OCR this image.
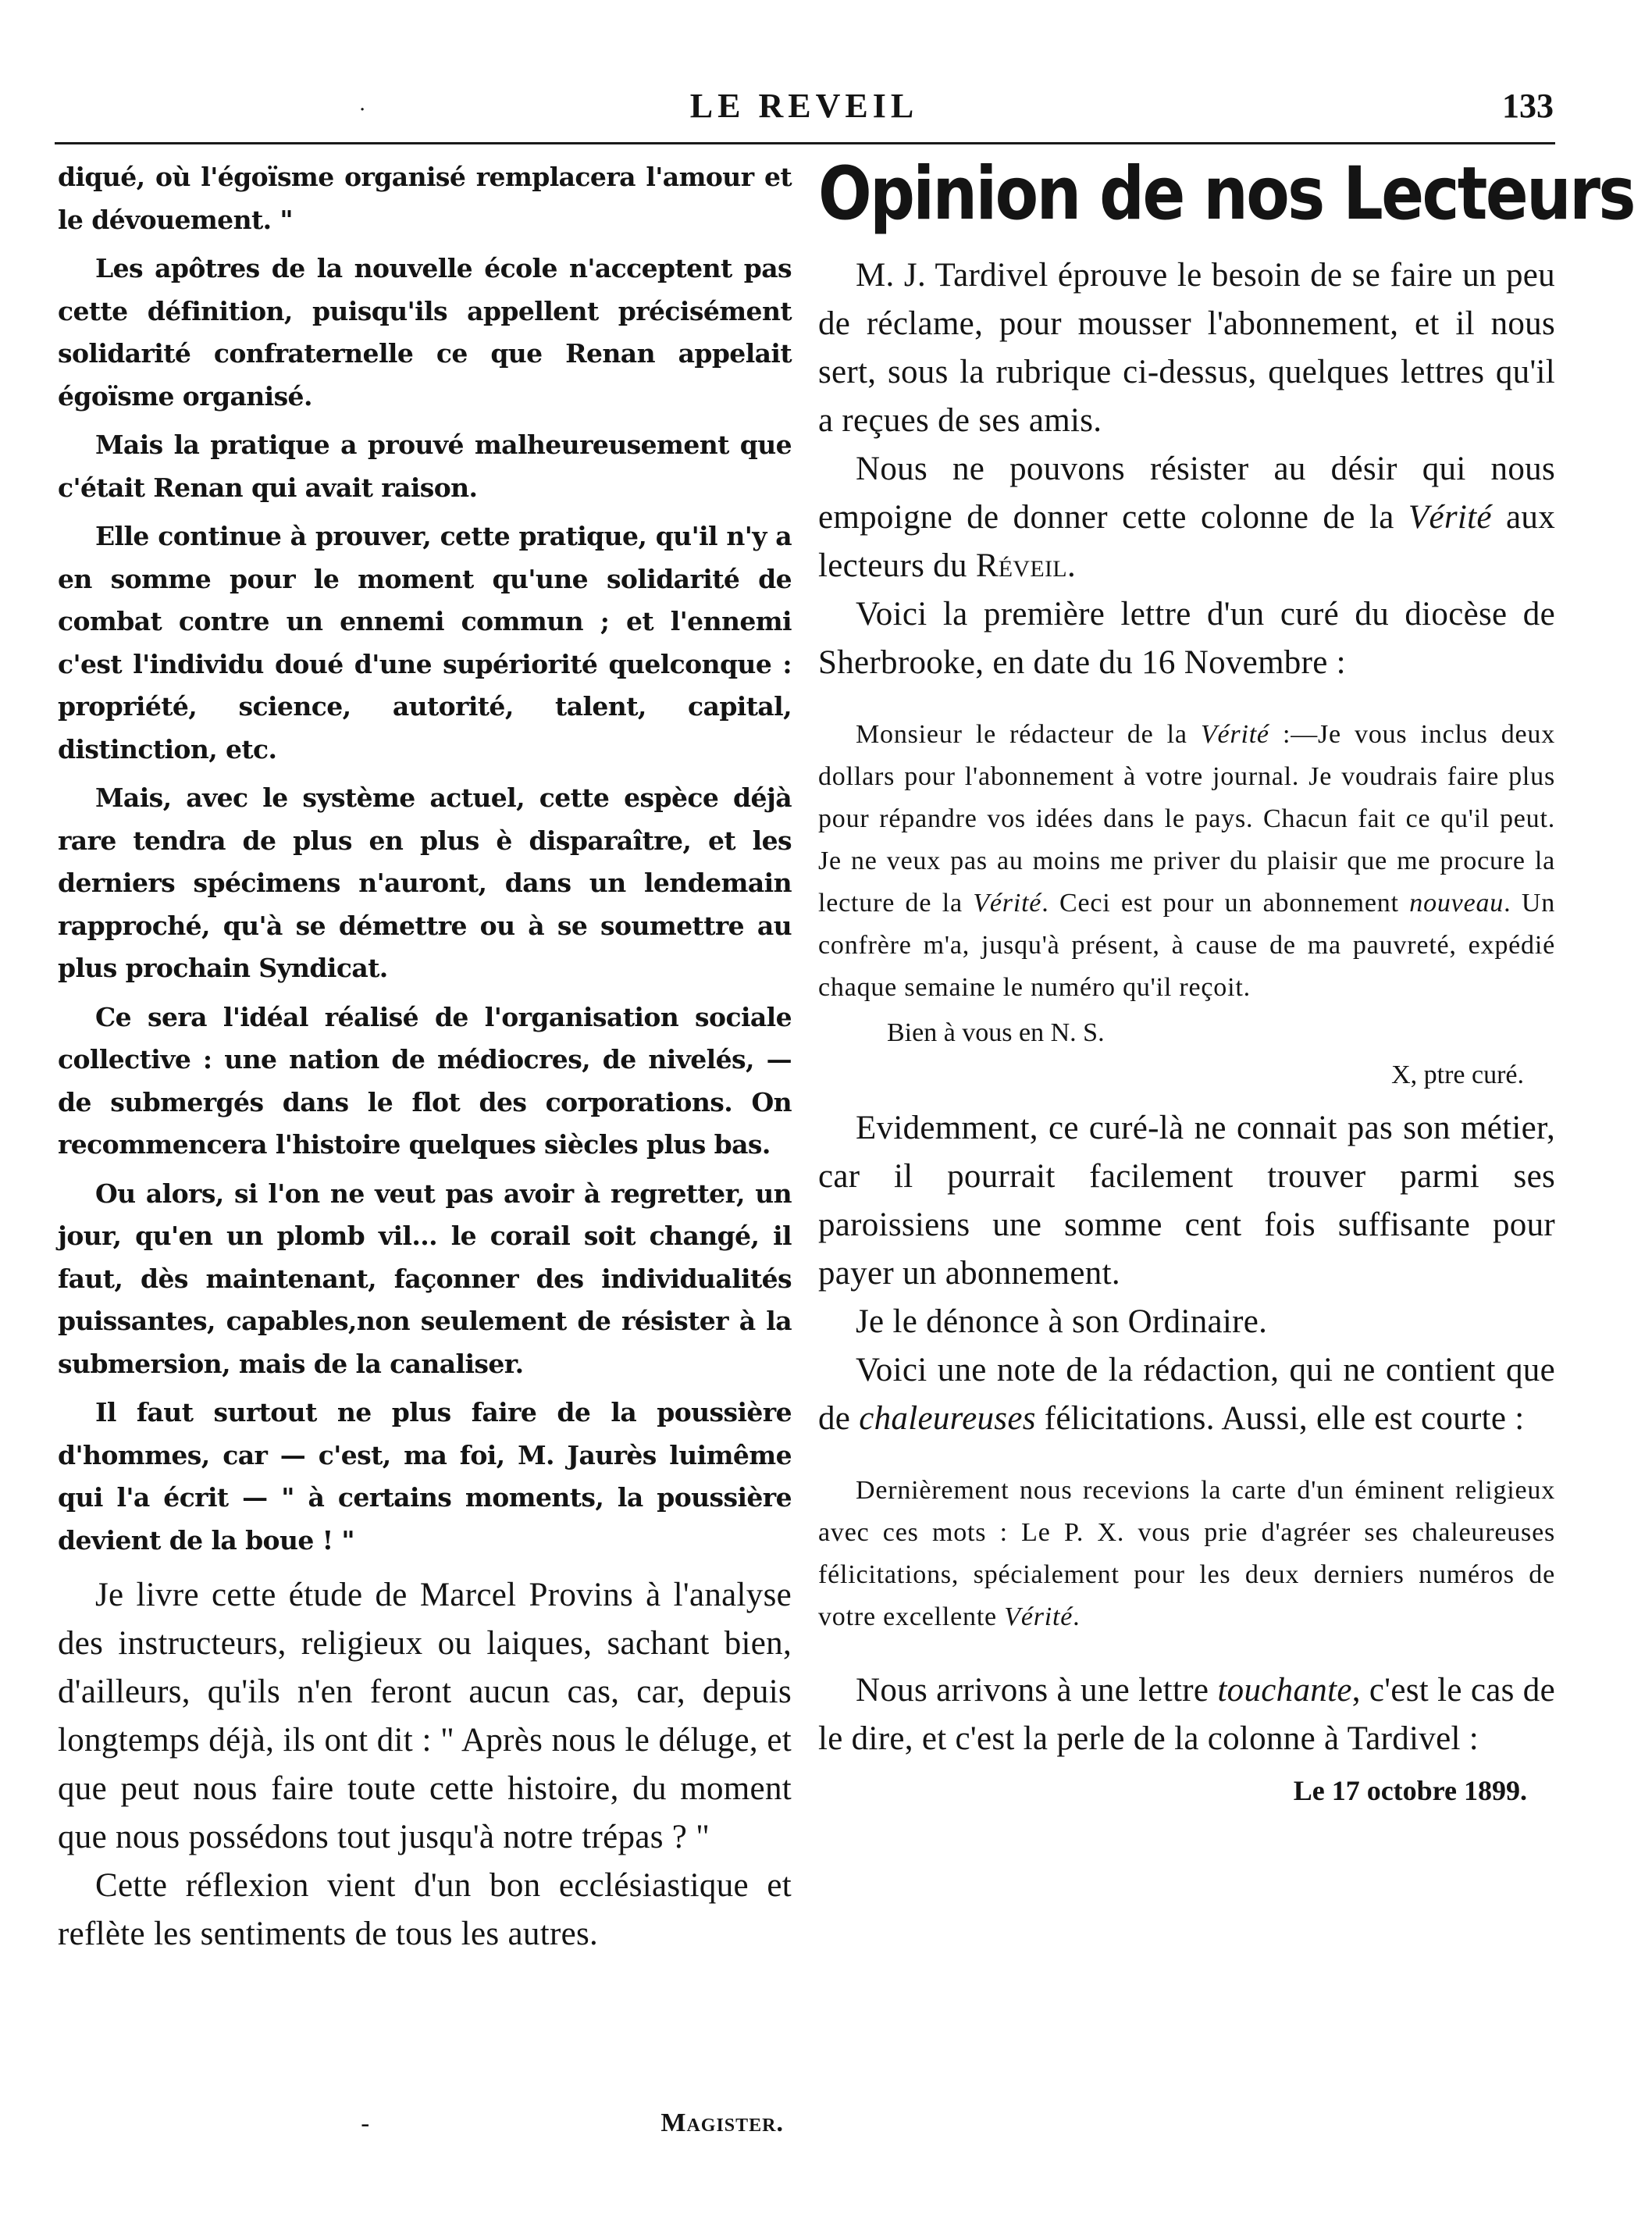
·	LE REVEIL	133

diqué, où l'égoïsme organisé remplacera l'amour et le dévouement. "

Les apôtres de la nouvelle école n'acceptent pas cette définition, puisqu'ils appellent précisément solidarité confraternelle ce que Renan appelait égoïsme organisé.

Mais la pratique a prouvé malheureusement que c'était Renan qui avait raison.

Elle continue à prouver, cette pratique, qu'il n'y a en somme pour le moment qu'une solidarité de combat contre un ennemi commun ; et l'ennemi c'est l'individu doué d'une supériorité quelconque : propriété, science, autorité, talent, capital, distinction, etc.

Mais, avec le système actuel, cette espèce déjà rare tendra de plus en plus è disparaître, et les derniers spécimens n'auront, dans un lendemain rapproché, qu'à se démettre ou à se soumettre au plus prochain Syndicat.

Ce sera l'idéal réalisé de l'organisation sociale collective : une nation de médiocres, de nivelés, — de submergés dans le flot des corporations. On recommencera l'histoire quelques siècles plus bas.

Ou alors, si l'on ne veut pas avoir à regretter, un jour, qu'en un plomb vil... le corail soit changé, il faut, dès maintenant, façonner des individualités puissantes, capables,non seulement de résister à la submersion, mais de la canaliser.

Il faut surtout ne plus faire de la poussière d'hommes, car — c'est, ma foi, M. Jaurès luimême qui l'a écrit — " à certains moments, la poussière devient de la boue ! "

Je livre cette étude de Marcel Provins à l'analyse des instructeurs, religieux ou laiques, sachant bien, d'ailleurs, qu'ils n'en feront aucun cas, car, depuis longtemps déjà, ils ont dit : " Après nous le déluge, et que peut nous faire toute cette histoire, du moment que nous possédons tout jusqu'à notre trépas ? "

Cette réflexion vient d'un bon ecclésiastique et reflète les sentiments de tous les autres.

-	Magister.
Opinion de nos Lecteurs

M. J. Tardivel éprouve le besoin de se faire un peu de réclame, pour mousser l'abonnement, et il nous sert, sous la rubrique ci-dessus, quelques lettres qu'il a reçues de ses amis.

Nous ne pouvons résister au désir qui nous empoigne de donner cette colonne de la Vérité aux lecteurs du Réveil.

Voici la première lettre d'un curé du diocèse de Sherbrooke, en date du 16 Novembre :

Monsieur le rédacteur de la Vérité :—Je vous inclus deux dollars pour l'abonnement à votre journal. Je voudrais faire plus pour répandre vos idées dans le pays. Chacun fait ce qu'il peut. Je ne veux pas au moins me priver du plaisir que me procure la lecture de la Vérité. Ceci est pour un abonnement nouveau. Un confrère m'a, jusqu'à présent, à cause de ma pauvreté, expédié chaque semaine le numéro qu'il reçoit.

Bien à vous en N. S.
X, ptre curé.

Evidemment, ce curé-là ne connait pas son métier, car il pourrait facilement trouver parmi ses paroissiens une somme cent fois suffisante pour payer un abonnement.

Je le dénonce à son Ordinaire.

Voici une note de la rédaction, qui ne contient que de chaleureuses félicitations. Aussi, elle est courte :

Dernièrement nous recevions la carte d'un éminent religieux avec ces mots : Le P. X. vous prie d'agréer ses chaleureuses félicitations, spécialement pour les deux derniers numéros de votre excellente Vérité.

Nous arrivons à une lettre touchante, c'est le cas de le dire, et c'est la perle de la colonne à Tardivel :

Le 17 octobre 1899.
